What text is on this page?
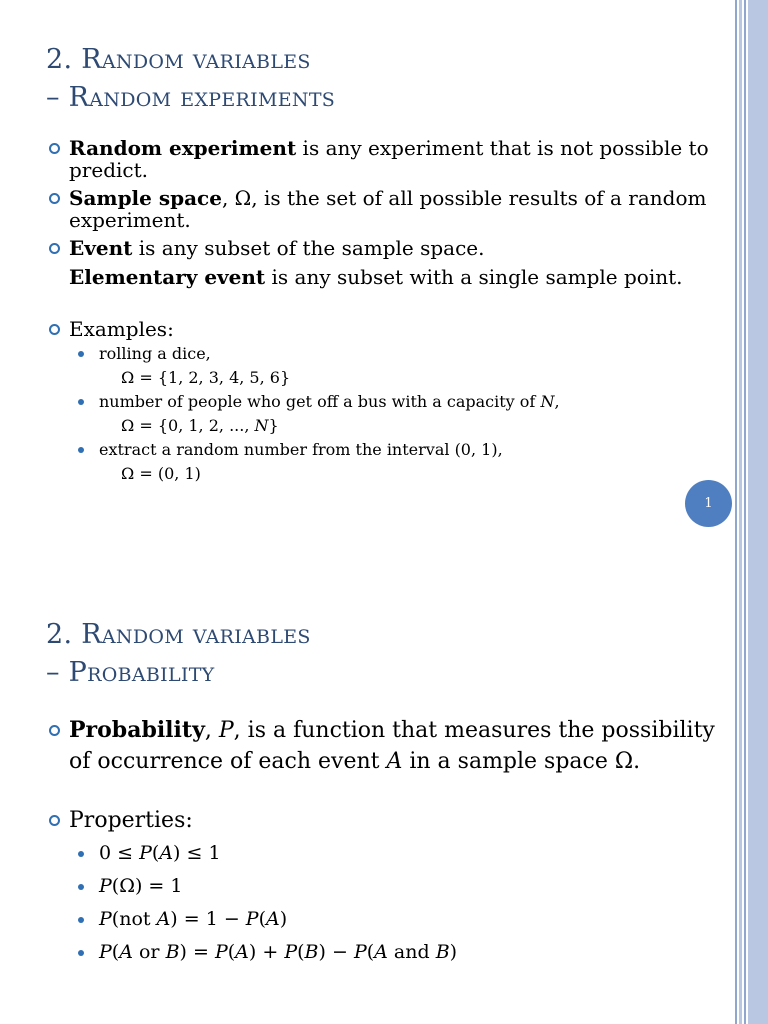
2. Random variables
– Random experiments
Random experiment is any experiment that is not possible to predict.
Sample space, Ω, is the set of all possible results of a random experiment.
Event is any subset of the sample space.
Elementary event is any subset with a single sample point.
Examples:
rolling a dice,
Ω = {1, 2, 3, 4, 5, 6}
number of people who get off a bus with a capacity of N,
Ω = {0, 1, 2, ..., N}
extract a random number from the interval (0, 1),
Ω = (0, 1)
1
2. Random variables
– Probability
Probability, P, is a function that measures the possibility of occurrence of each event A in a sample space Ω.
Properties:
0 ≤ P(A) ≤ 1
P(Ω) = 1
P(not A) = 1 − P(A)
P(A or B) = P(A) + P(B) − P(A and B)
